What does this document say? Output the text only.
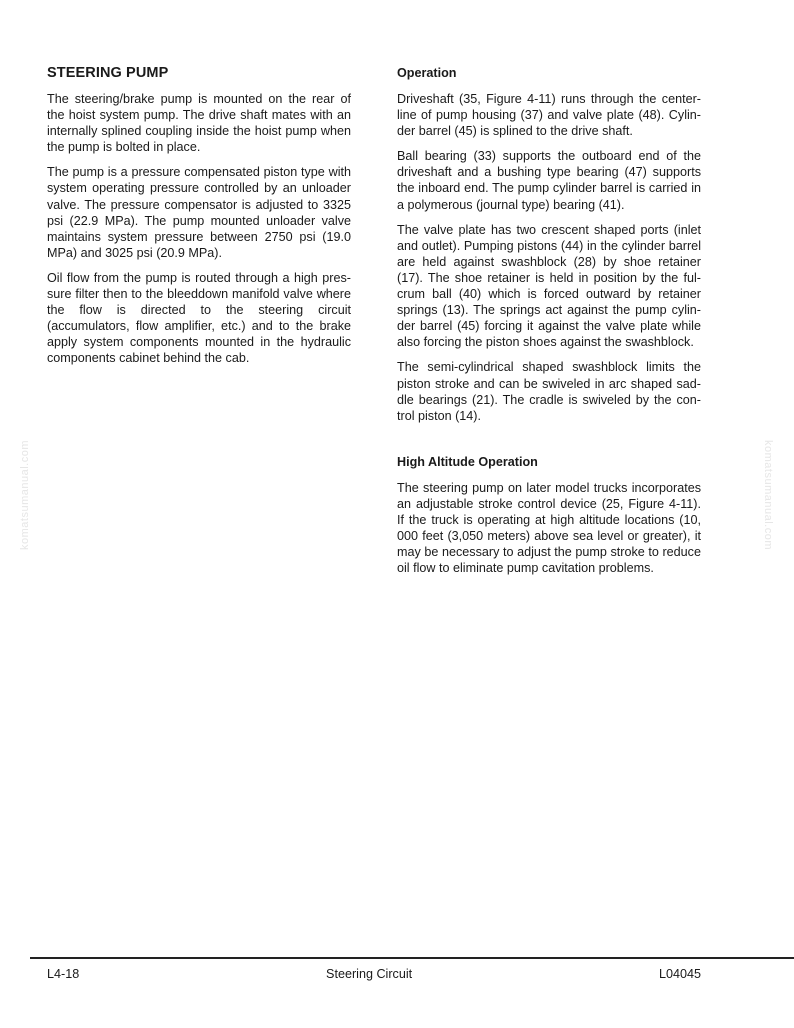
komatsumanual.com	komatsumanual.com
STEERING PUMP

The steering/brake pump is mounted on the rear of the hoist system pump. The drive shaft mates with an internally splined coupling inside the hoist pump when the pump is bolted in place.

The pump is a pressure compensated piston type with system operating pressure controlled by an unloader valve. The pressure compensator is adjusted to 3325 psi (22.9 MPa). The pump mounted unloader valve maintains system pressure between 2750 psi (19.0 MPa) and 3025 psi (20.9 MPa).

Oil flow from the pump is routed through a high pressure filter then to the bleeddown manifold valve where the flow is directed to the steering circuit (accumulators, flow amplifier, etc.) and to the brake apply system components mounted in the hydraulic components cabinet behind the cab.

Operation

Driveshaft (35, Figure 4-11) runs through the centerline of pump housing (37) and valve plate (48). Cylinder barrel (45) is splined to the drive shaft.

Ball bearing (33) supports the outboard end of the driveshaft and a bushing type bearing (47) supports the inboard end. The pump cylinder barrel is carried in a polymerous (journal type) bearing (41).

The valve plate has two crescent shaped ports (inlet and outlet). Pumping pistons (44) in the cylinder barrel are held against swashblock (28) by shoe retainer (17). The shoe retainer is held in position by the fulcrum ball (40) which is forced outward by retainer springs (13). The springs act against the pump cylinder barrel (45) forcing it against the valve plate while also forcing the piston shoes against the swashblock.

The semi-cylindrical shaped swashblock limits the piston stroke and can be swiveled in arc shaped saddle bearings (21). The cradle is swiveled by the control piston (14).

High Altitude Operation

The steering pump on later model trucks incorporates an adjustable stroke control device (25, Figure 4-11). If the truck is operating at high altitude locations (10, 000 feet (3,050 meters) above sea level or greater), it may be necessary to adjust the pump stroke to reduce oil flow to eliminate pump cavitation problems.

L4-18	Steering Circuit	L04045
